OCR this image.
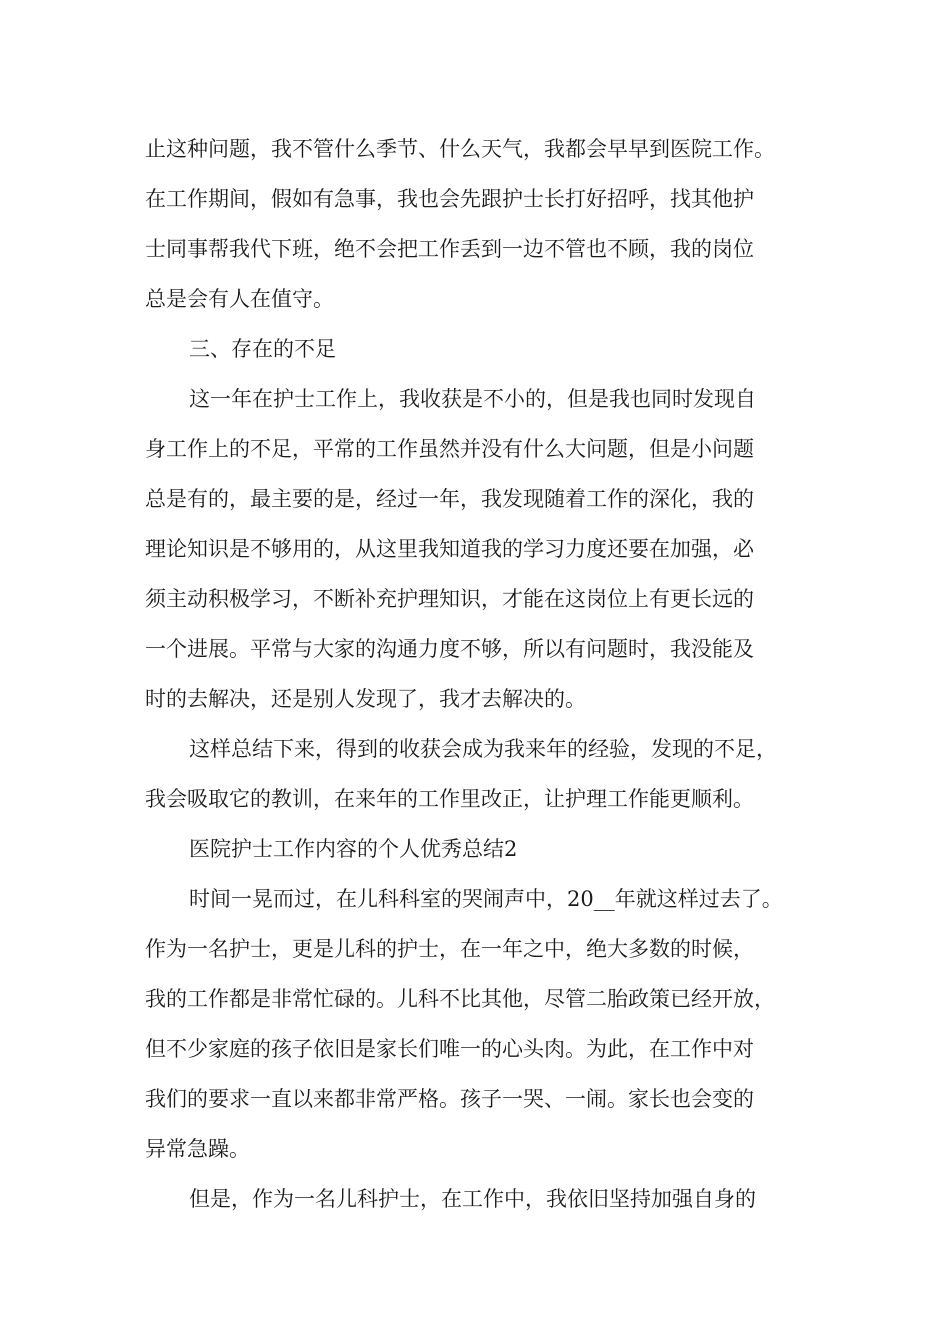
止这种问题，我不管什么季节、什么天气，我都会早早到医院工作。
在工作期间，假如有急事，我也会先跟护士长打好招呼，找其他护
士同事帮我代下班，绝不会把工作丢到一边不管也不顾，我的岗位
总是会有人在值守。
三、存在的不足
这一年在护士工作上，我收获是不小的，但是我也同时发现自
身工作上的不足，平常的工作虽然并没有什么大问题，但是小问题
总是有的，最主要的是，经过一年，我发现随着工作的深化，我的
理论知识是不够用的，从这里我知道我的学习力度还要在加强，必
须主动积极学习，不断补充护理知识，才能在这岗位上有更长远的
一个进展。平常与大家的沟通力度不够，所以有问题时，我没能及
时的去解决，还是别人发现了，我才去解决的。
这样总结下来，得到的收获会成为我来年的经验，发现的不足，
我会吸取它的教训，在来年的工作里改正，让护理工作能更顺利。
医院护士工作内容的个人优秀总结2
时间一晃而过，在儿科科室的哭闹声中，20__年就这样过去了。
作为一名护士，更是儿科的护士，在一年之中，绝大多数的时候，
我的工作都是非常忙碌的。儿科不比其他，尽管二胎政策已经开放，
但不少家庭的孩子依旧是家长们唯一的心头肉。为此，在工作中对
我们的要求一直以来都非常严格。孩子一哭、一闹。家长也会变的
异常急躁。
但是，作为一名儿科护士，在工作中，我依旧坚持加强自身的
